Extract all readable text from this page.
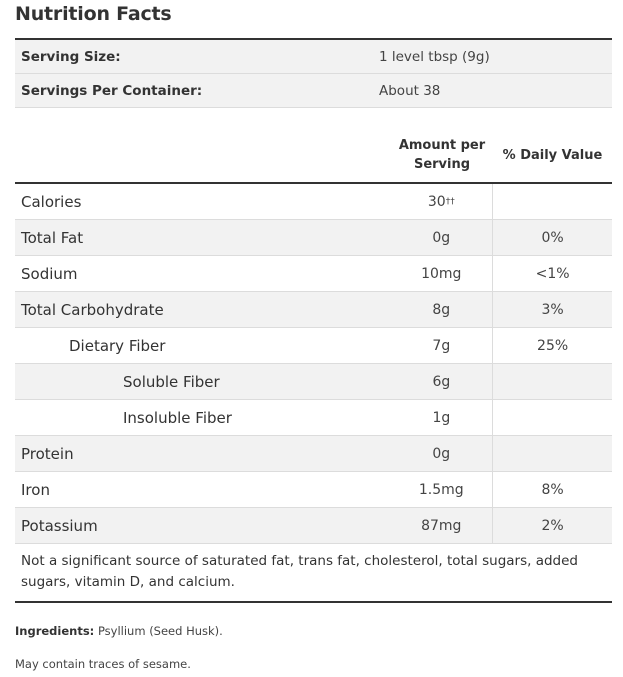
Nutrition Facts
Serving Size:	1 level tbsp (9g)
Servings Per Container:	About 38
Amount per Serving
% Daily Value
Calories	30 ††
Total Fat	0g	0%
Sodium	10mg	<1%
Total Carbohydrate	8g	3%
Dietary Fiber	7g	25%
Soluble Fiber	6g
Insoluble Fiber	1g
Protein	0g
Iron	1.5mg	8%
Potassium	87mg	2%
Not a significant source of saturated fat, trans fat, cholesterol, total sugars, added sugars, vitamin D, and calcium.
Ingredients: Psyllium (Seed Husk).
May contain traces of sesame.
